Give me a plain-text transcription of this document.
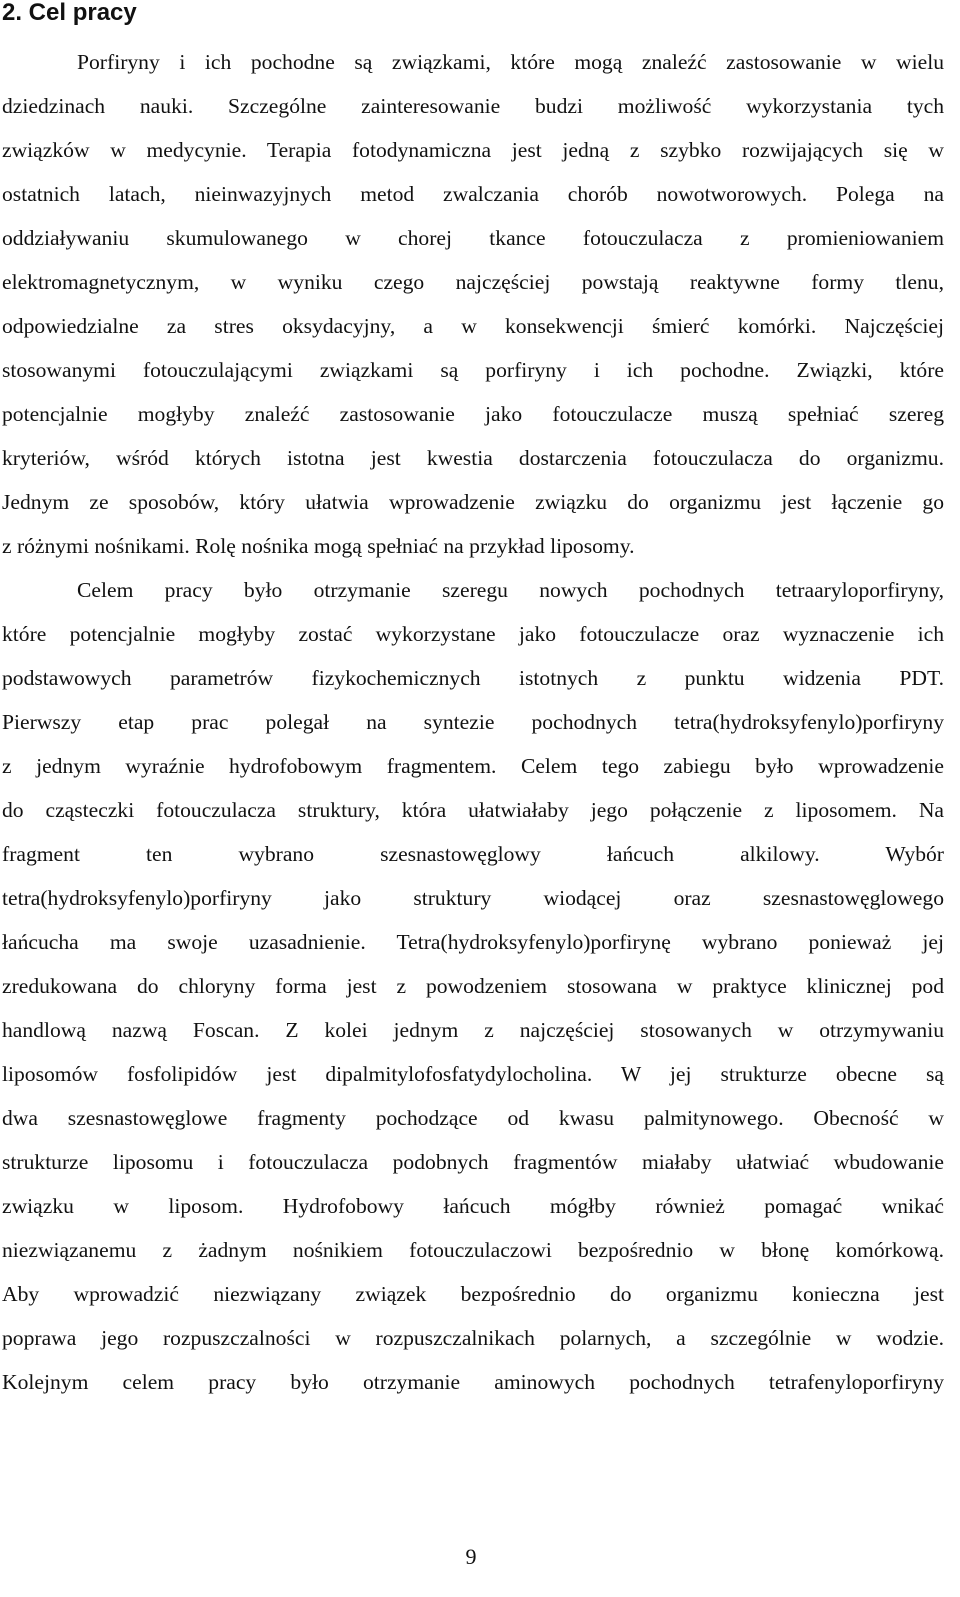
2. Cel pracy

Porfiryny i ich pochodne są związkami, które mogą znaleźć zastosowanie w wielu
dziedzinach nauki. Szczególne zainteresowanie budzi możliwość wykorzystania tych
związków w medycynie. Terapia fotodynamiczna jest jedną z szybko rozwijających się w
ostatnich latach, nieinwazyjnych metod zwalczania chorób nowotworowych. Polega na
oddziaływaniu skumulowanego w chorej tkance fotouczulacza z promieniowaniem
elektromagnetycznym, w wyniku czego najczęściej powstają reaktywne formy tlenu,
odpowiedzialne za stres oksydacyjny, a w konsekwencji śmierć komórki. Najczęściej
stosowanymi fotouczulającymi związkami są porfiryny i ich pochodne. Związki, które
potencjalnie mogłyby znaleźć zastosowanie jako fotouczulacze muszą spełniać szereg
kryteriów, wśród których istotna jest kwestia dostarczenia fotouczulacza do organizmu.
Jednym ze sposobów, który ułatwia wprowadzenie związku do organizmu jest łączenie go
z różnymi nośnikami. Rolę nośnika mogą spełniać na przykład liposomy.

Celem pracy było otrzymanie szeregu nowych pochodnych tetraaryloporfiryny,
które potencjalnie mogłyby zostać wykorzystane jako fotouczulacze oraz wyznaczenie ich
podstawowych parametrów fizykochemicznych istotnych z punktu widzenia PDT.
Pierwszy etap prac polegał na syntezie pochodnych tetra(hydroksyfenylo)porfiryny
z jednym wyraźnie hydrofobowym fragmentem. Celem tego zabiegu było wprowadzenie
do cząsteczki fotouczulacza struktury, która ułatwiałaby jego połączenie z liposomem. Na
fragment ten wybrano szesnastowęglowy łańcuch alkilowy. Wybór
tetra(hydroksyfenylo)porfiryny jako struktury wiodącej oraz szesnastowęglowego
łańcucha ma swoje uzasadnienie. Tetra(hydroksyfenylo)porfirynę wybrano ponieważ jej
zredukowana do chloryny forma jest z powodzeniem stosowana w praktyce klinicznej pod
handlową nazwą Foscan. Z kolei jednym z najczęściej stosowanych w otrzymywaniu
liposomów fosfolipidów jest dipalmitylofosfatydylocholina. W jej strukturze obecne są
dwa szesnastowęglowe fragmenty pochodzące od kwasu palmitynowego. Obecność w
strukturze liposomu i fotouczulacza podobnych fragmentów miałaby ułatwiać wbudowanie
związku w liposom. Hydrofobowy łańcuch mógłby również pomagać wnikać
niezwiązanemu z żadnym nośnikiem fotouczulaczowi bezpośrednio w błonę komórkową.
Aby wprowadzić niezwiązany związek bezpośrednio do organizmu konieczna jest
poprawa jego rozpuszczalności w rozpuszczalnikach polarnych, a szczególnie w wodzie.
Kolejnym celem pracy było otrzymanie aminowych pochodnych tetrafenyloporfiryny

9
